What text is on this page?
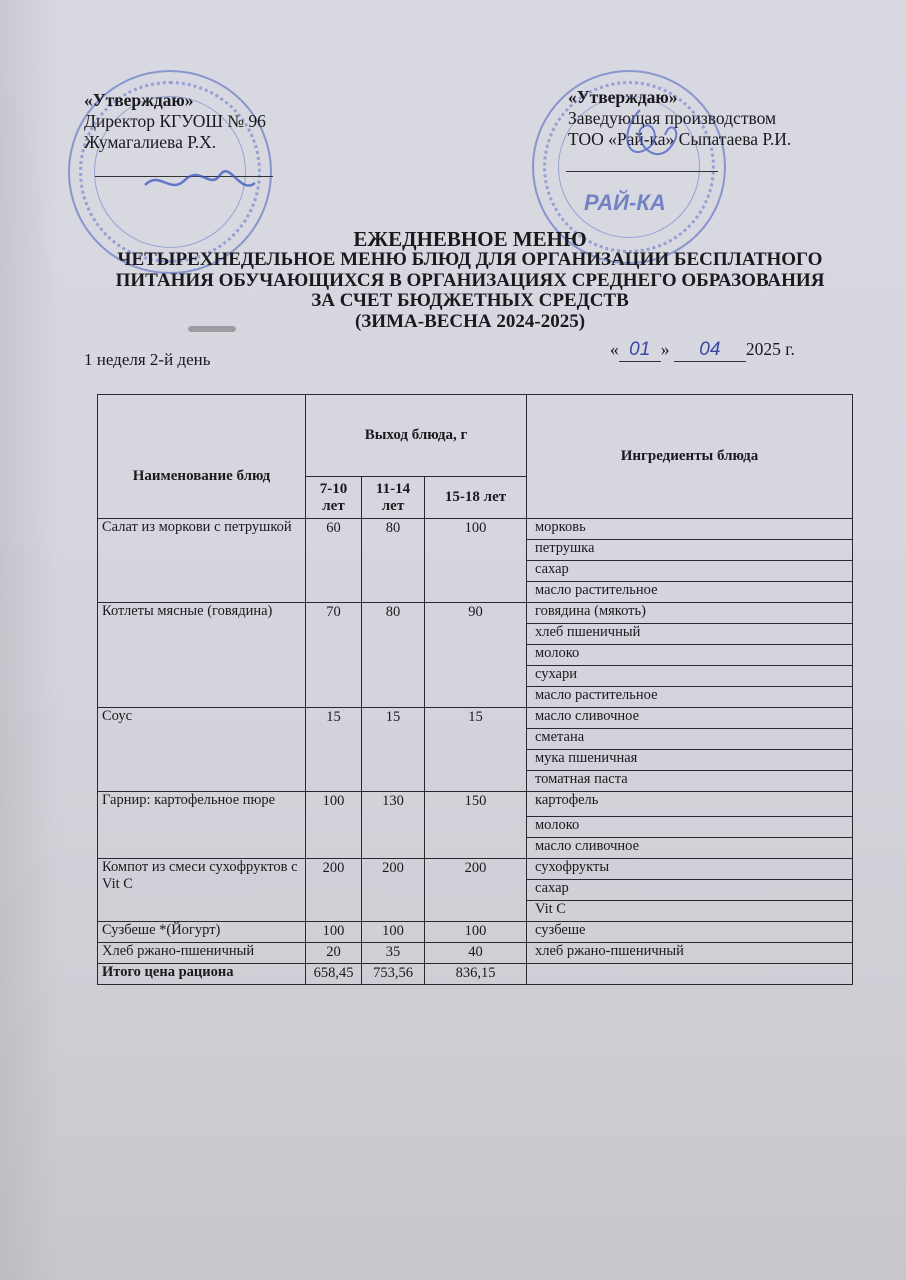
РАЙ-КА
«Утверждаю»
Директор КГУОШ № 96
Жумагалиева Р.Х.
«Утверждаю»
Заведующая производством
ТОО «Рай-ка» Сыпатаева Р.И.
ЕЖЕДНЕВНОЕ МЕНЮ
ЧЕТЫРЕХНЕДЕЛЬНОЕ МЕНЮ БЛЮД ДЛЯ ОРГАНИЗАЦИИ БЕСПЛАТНОГО
ПИТАНИЯ ОБУЧАЮЩИХСЯ В ОРГАНИЗАЦИЯХ СРЕДНЕГО ОБРАЗОВАНИЯ
ЗА СЧЕТ БЮДЖЕТНЫХ СРЕДСТВ
(ЗИМА-ВЕСНА 2024-2025)
1 неделя 2-й день
« 01 » 04 2025 г.
Наименование блюд	Выход блюда, г			Ингредиенты блюда
	7-10 лет	11-14 лет	15-18 лет	
Салат из моркови с петрушкой	60	80	100	морковь
				петрушка
				сахар
				масло растительное
Котлеты мясные (говядина)	70	80	90	говядина (мякоть)
				хлеб пшеничный
				молоко
				сухари
				масло растительное
Соус	15	15	15	масло сливочное
				сметана
				мука пшеничная
				томатная паста
Гарнир: картофельное пюре	100	130	150	картофель
				молоко
				масло сливочное
Компот из смеси сухофруктов с Vit C	200	200	200	сухофрукты
				сахар
				Vit C
Сузбеше *(Йогурт)	100	100	100	сузбеше
Хлеб ржано-пшеничный	20	35	40	хлеб ржано-пшеничный
Итого цена рациона	658,45	753,56	836,15	
